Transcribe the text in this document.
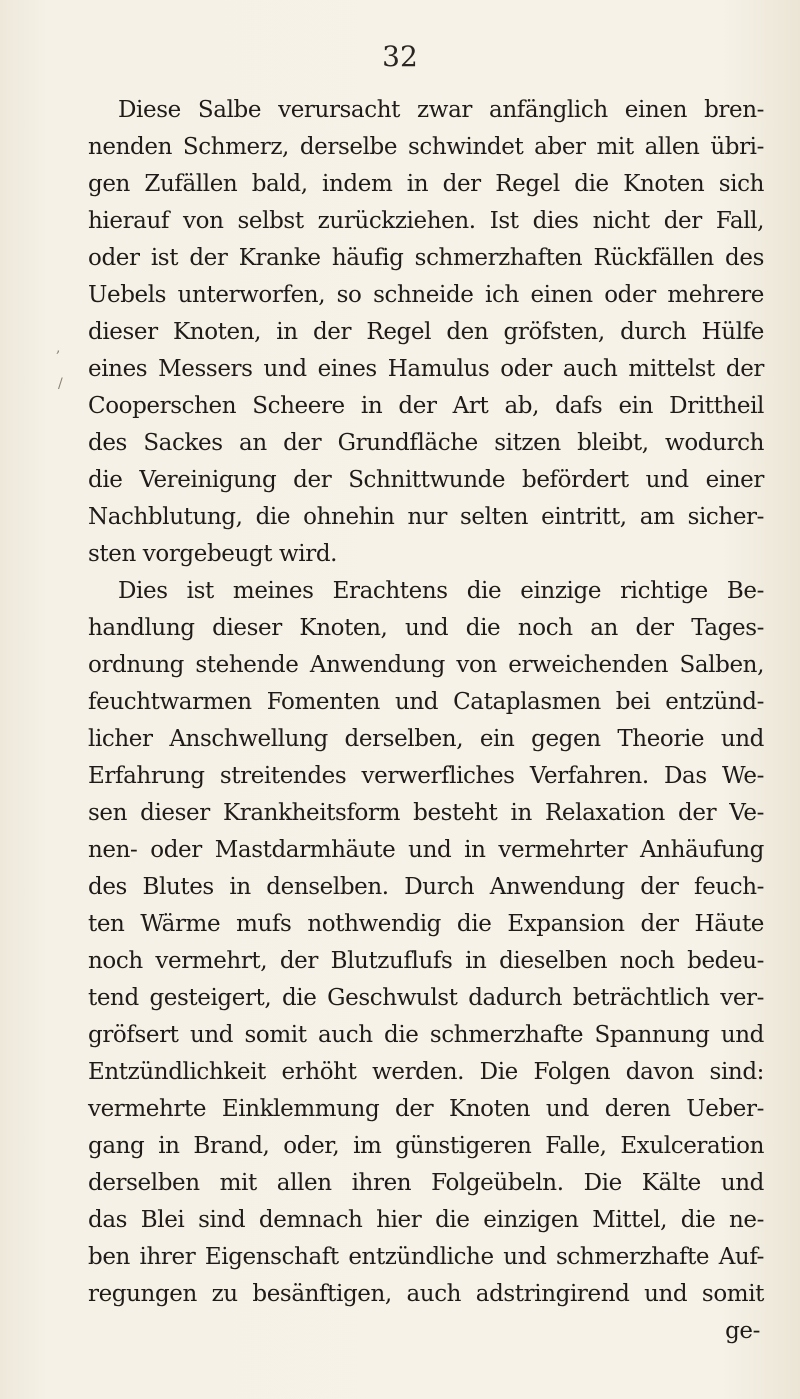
32
,
/
Diese Salbe verursacht zwar anfänglich einen bren-
nenden Schmerz, derselbe schwindet aber mit allen übri-
gen Zufällen bald, indem in der Regel die Knoten sich
hierauf von selbst zurückziehen. Ist dies nicht der Fall,
oder ist der Kranke häufig schmerzhaften Rückfällen des
Uebels unterworfen, so schneide ich einen oder mehrere
dieser Knoten, in der Regel den gröfsten, durch Hülfe
eines Messers und eines Hamulus oder auch mittelst der
Cooperschen Scheere in der Art ab, dafs ein Drittheil
des Sackes an der Grundfläche sitzen bleibt, wodurch
die Vereinigung der Schnittwunde befördert und einer
Nachblutung, die ohnehin nur selten eintritt, am sicher-
sten vorgebeugt wird.
Dies ist meines Erachtens die einzige richtige Be-
handlung dieser Knoten, und die noch an der Tages-
ordnung stehende Anwendung von erweichenden Salben,
feuchtwarmen Fomenten und Cataplasmen bei entzünd-
licher Anschwellung derselben, ein gegen Theorie und
Erfahrung streitendes verwerfliches Verfahren. Das We-
sen dieser Krankheitsform besteht in Relaxation der Ve-
nen- oder Mastdarmhäute und in vermehrter Anhäufung
des Blutes in denselben. Durch Anwendung der feuch-
ten Wärme mufs nothwendig die Expansion der Häute
noch vermehrt, der Blutzuflufs in dieselben noch bedeu-
tend gesteigert, die Geschwulst dadurch beträchtlich ver-
gröfsert und somit auch die schmerzhafte Spannung und
Entzündlichkeit erhöht werden. Die Folgen davon sind:
vermehrte Einklemmung der Knoten und deren Ueber-
gang in Brand, oder, im günstigeren Falle, Exulceration
derselben mit allen ihren Folgeübeln. Die Kälte und
das Blei sind demnach hier die einzigen Mittel, die ne-
ben ihrer Eigenschaft entzündliche und schmerzhafte Auf-
regungen zu besänftigen, auch adstringirend und somit
ge-
